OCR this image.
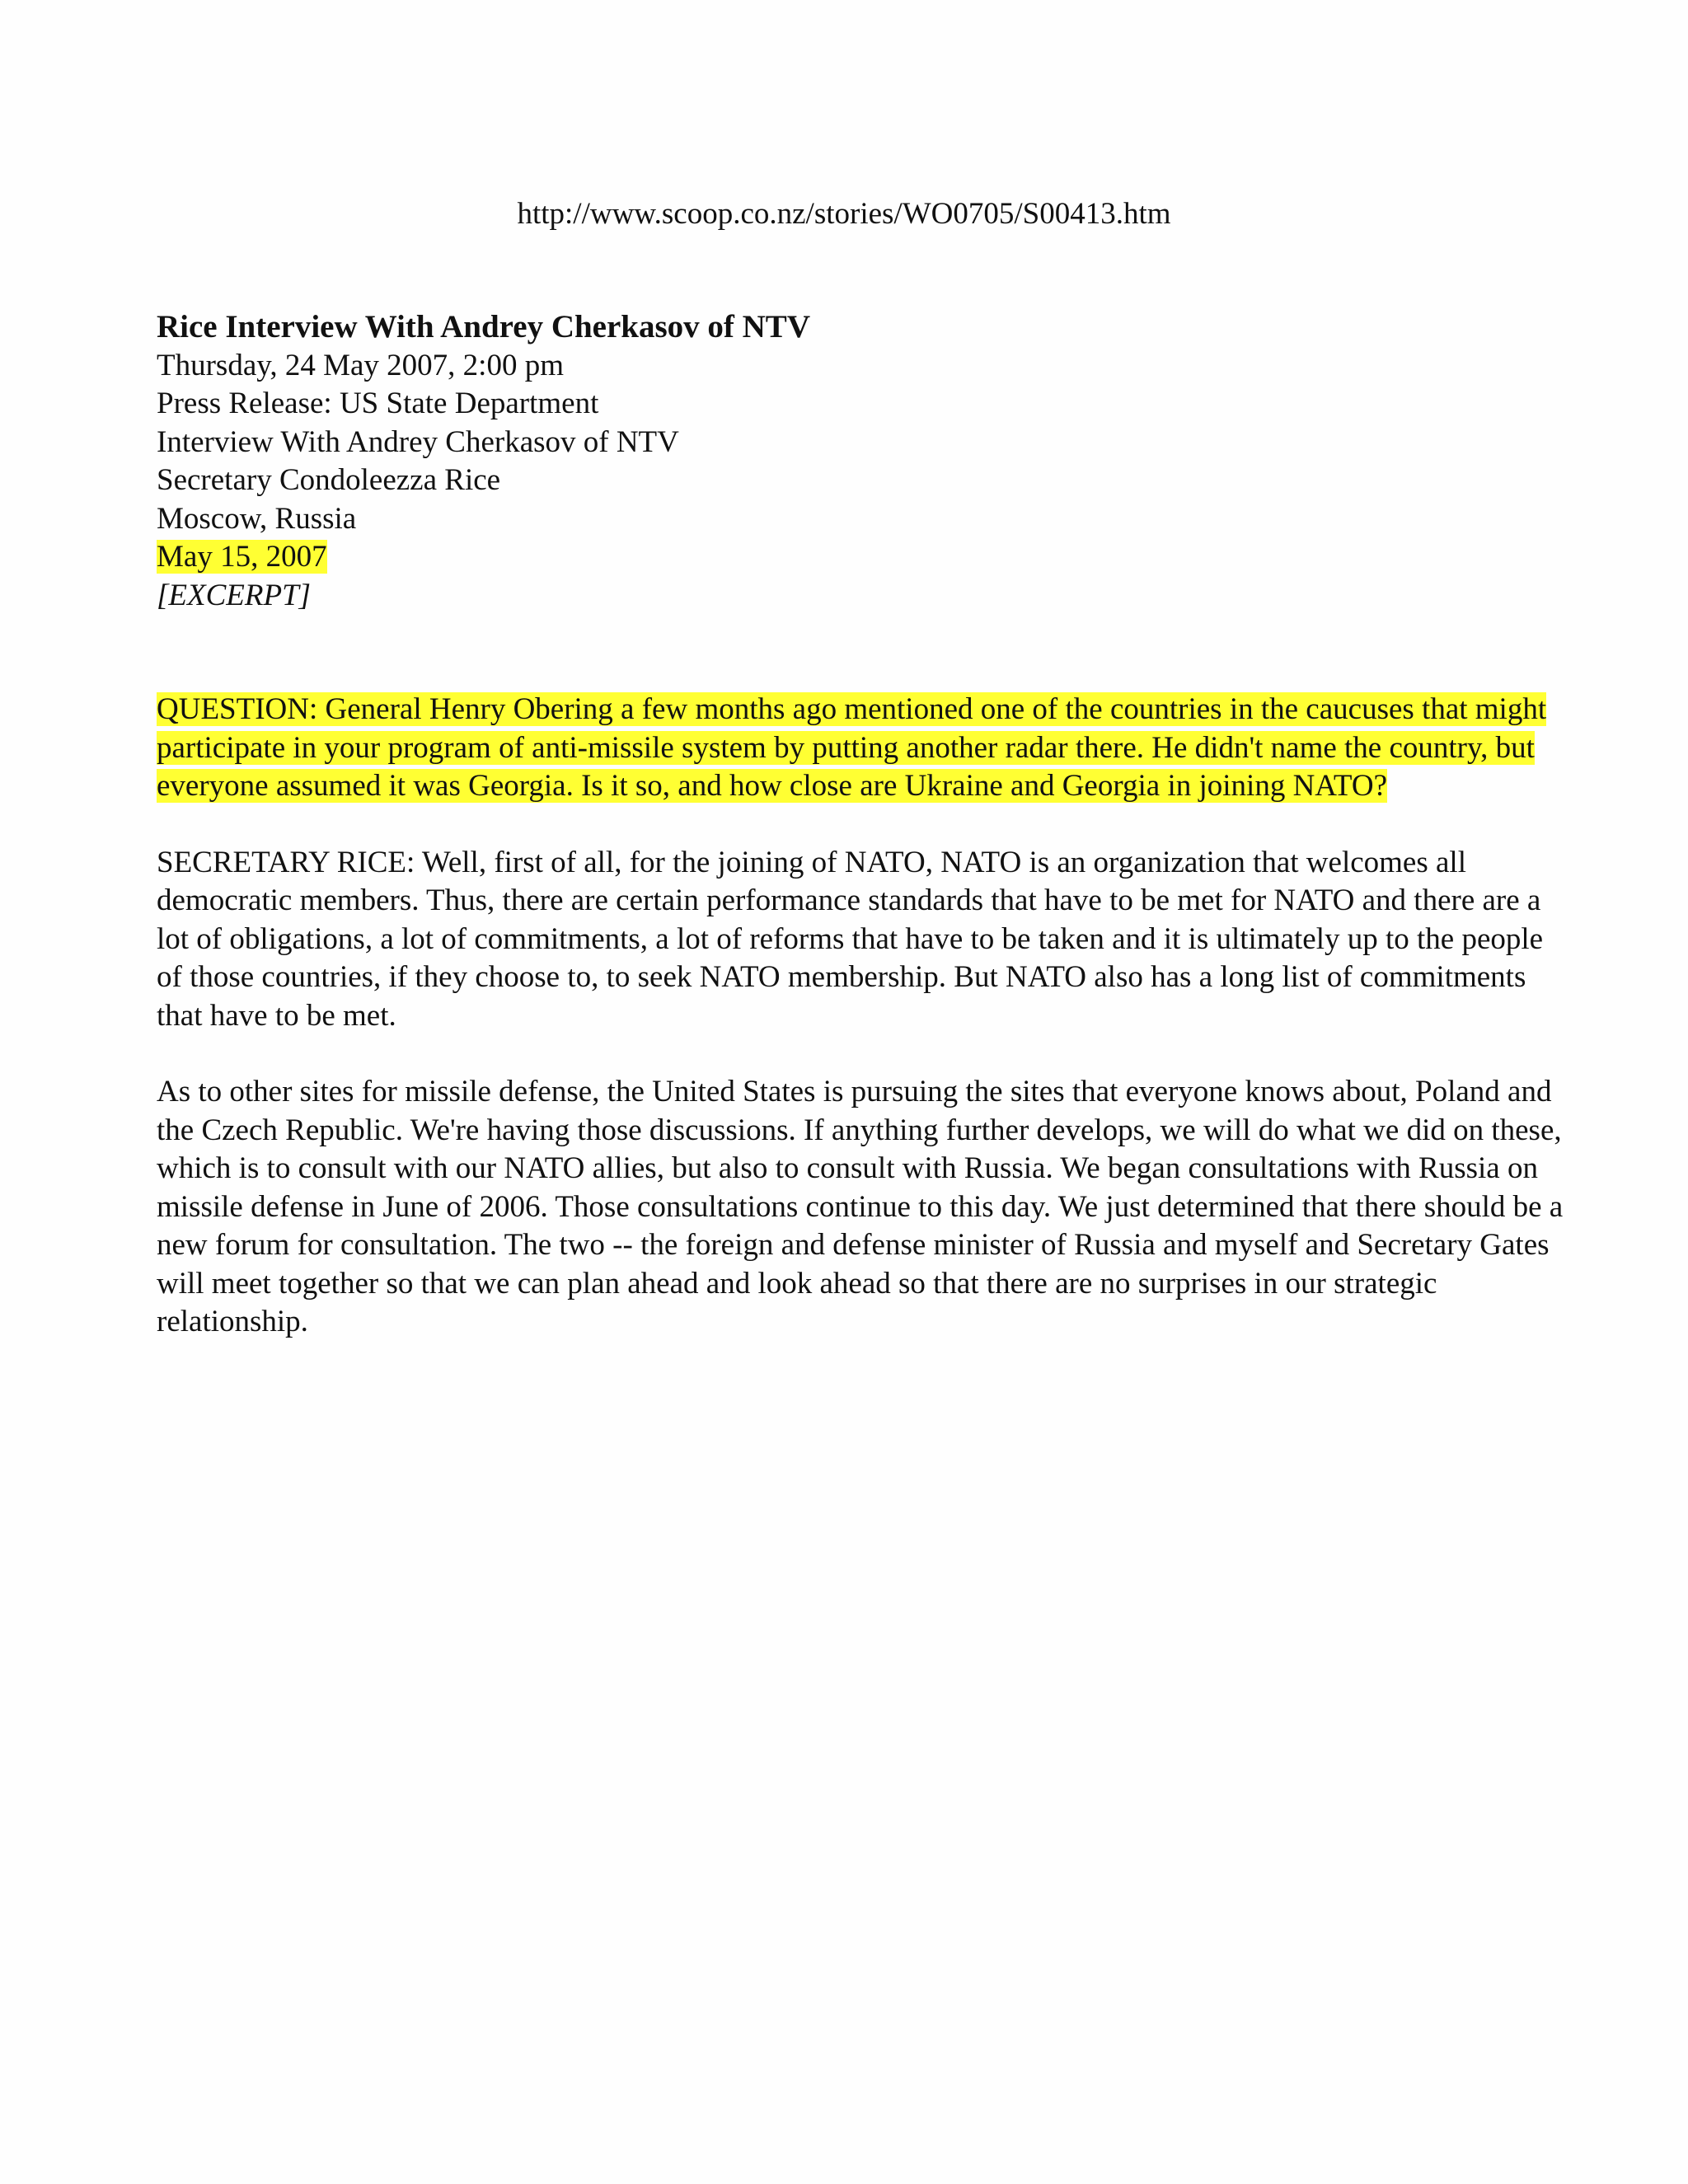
http://www.scoop.co.nz/stories/WO0705/S00413.htm

Rice Interview With Andrey Cherkasov of NTV

Thursday, 24 May 2007, 2:00 pm

Press Release: US State Department

Interview With Andrey Cherkasov of NTV

Secretary Condoleezza Rice

Moscow, Russia

May 15, 2007

[EXCERPT]

QUESTION: General Henry Obering a few months ago mentioned one of the countries in the caucuses that might participate in your program of anti-missile system by putting another radar there. He didn't name the country, but everyone assumed it was Georgia. Is it so, and how close are Ukraine and Georgia in joining NATO?

SECRETARY RICE: Well, first of all, for the joining of NATO, NATO is an organization that welcomes all democratic members. Thus, there are certain performance standards that have to be met for NATO and there are a lot of obligations, a lot of commitments, a lot of reforms that have to be taken and it is ultimately up to the people of those countries, if they choose to, to seek NATO membership. But NATO also has a long list of commitments that have to be met.

As to other sites for missile defense, the United States is pursuing the sites that everyone knows about, Poland and the Czech Republic. We're having those discussions. If anything further develops, we will do what we did on these, which is to consult with our NATO allies, but also to consult with Russia. We began consultations with Russia on missile defense in June of 2006. Those consultations continue to this day. We just determined that there should be a new forum for consultation. The two -- the foreign and defense minister of Russia and myself and Secretary Gates will meet together so that we can plan ahead and look ahead so that there are no surprises in our strategic relationship.
